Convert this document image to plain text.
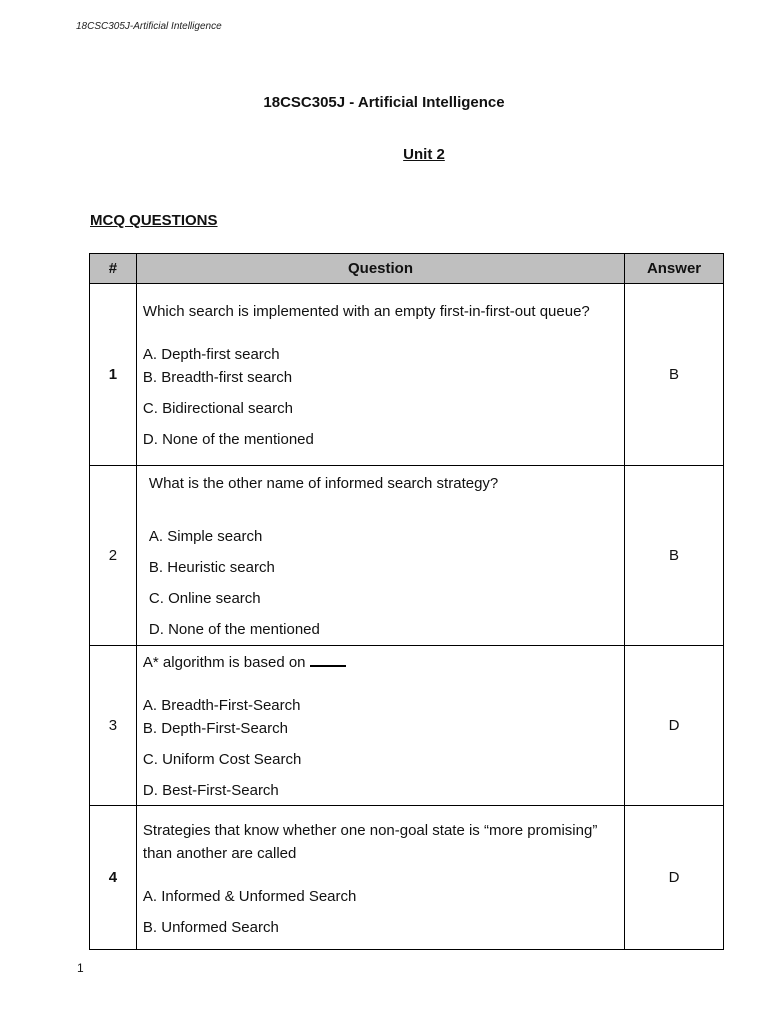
18CSC305J-Artificial Intelligence
18CSC305J - Artificial Intelligence
Unit 2
MCQ QUESTIONS
#	Question	Answer
1	Which search is implemented with an empty first-in-first-out queue?

A. Depth-first search

B. Breadth-first search

C. Bidirectional search

D. None of the mentioned	B
2	What is the other name of informed search strategy?

A. Simple search

B. Heuristic search

C. Online search

D. None of the mentioned	B
3	A* algorithm is based on

A. Breadth-First-Search

B. Depth-First-Search

C. Uniform Cost Search

D. Best-First-Search	D
4	Strategies that know whether one non-goal state is “more promising” than another are called

A. Informed & Unformed Search

B. Unformed Search	D
1
